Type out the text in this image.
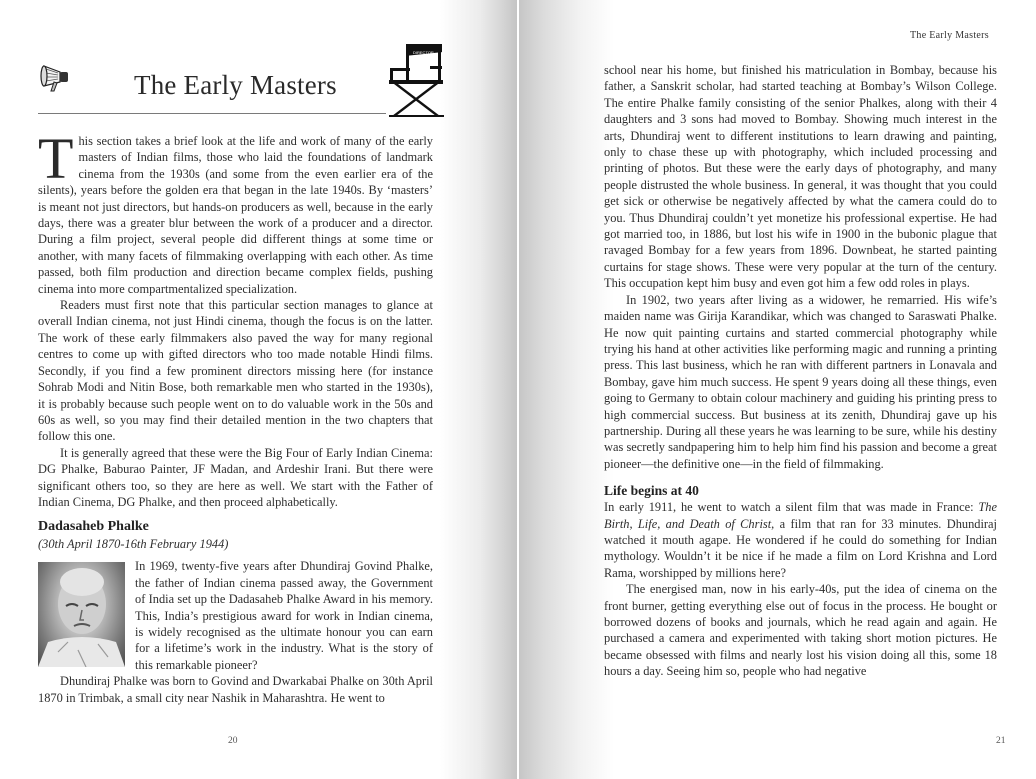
The Early Masters
DIRECTOR

This section takes a brief look at the life and work of many of the early masters of Indian films, those who laid the foundations of landmark cinema from the 1930s (and some from the even earlier era of the silents), years before the golden era that began in the late 1940s. By ‘masters’ is meant not just directors, but hands-on producers as well, because in the early days, there was a greater blur between the work of a producer and a director. During a film project, several people did different things at some time or another, with many facets of filmmaking overlapping with each other. As time passed, both film production and direction became complex fields, pushing cinema into more compartmentalized specialization.

Readers must first note that this particular section manages to glance at overall Indian cinema, not just Hindi cinema, though the focus is on the latter. The work of these early filmmakers also paved the way for many regional centres to come up with gifted directors who too made notable Hindi films. Secondly, if you find a few prominent directors missing here (for instance Sohrab Modi and Nitin Bose, both remarkable men who started in the 1930s), it is probably because such people went on to do valuable work in the 50s and 60s as well, so you may find their detailed mention in the two chapters that follow this one.

It is generally agreed that these were the Big Four of Early Indian Cinema: DG Phalke, Baburao Painter, JF Madan, and Ardeshir Irani. But there were significant others too, so they are here as well. We start with the Father of Indian Cinema, DG Phalke, and then proceed alphabetically.

Dadasaheb Phalke
(30th April 1870-16th February 1944)

In 1969, twenty-five years after Dhundiraj Govind Phalke, the father of Indian cinema passed away, the Government of India set up the Dadasaheb Phalke Award in his memory. This, India’s prestigious award for work in Indian cinema, is widely recognised as the ultimate honour you can earn for a lifetime’s work in the industry. What is the story of this remarkable pioneer?

Dhundiraj Phalke was born to Govind and Dwarkabai Phalke on 30th April 1870 in Trimbak, a small city near Nashik in Maharashtra. He went to

20
The Early Masters

school near his home, but finished his matriculation in Bombay, because his father, a Sanskrit scholar, had started teaching at Bombay’s Wilson College. The entire Phalke family consisting of the senior Phalkes, along with their 4 daughters and 3 sons had moved to Bombay. Showing much interest in the arts, Dhundiraj went to different institutions to learn drawing and painting, only to chase these up with photography, which included processing and printing of photos. But these were the early days of photography, and many people distrusted the whole business. In general, it was thought that you could get sick or otherwise be negatively affected by what the camera could do to you. Thus Dhundiraj couldn’t yet monetize his professional expertise. He had got married too, in 1886, but lost his wife in 1900 in the bubonic plague that ravaged Bombay for a few years from 1896. Downbeat, he started painting curtains for stage shows. These were very popular at the turn of the century. This occupation kept him busy and even got him a few odd roles in plays.

In 1902, two years after living as a widower, he remarried. His wife’s maiden name was Girija Karandikar, which was changed to Saraswati Phalke. He now quit painting curtains and started commercial photography while trying his hand at other activities like performing magic and running a printing press. This last business, which he ran with different partners in Lonavala and Bombay, gave him much success. He spent 9 years doing all these things, even going to Germany to obtain colour machinery and guiding his printing press to high commercial success. But business at its zenith, Dhundiraj gave up his partnership. During all these years he was learning to be sure, while his destiny was secretly sandpapering him to help him find his passion and become a great pioneer—the definitive one—in the field of filmmaking.

Life begins at 40

In early 1911, he went to watch a silent film that was made in France: The Birth, Life, and Death of Christ, a film that ran for 33 minutes. Dhundiraj watched it mouth agape. He wondered if he could do something for Indian mythology. Wouldn’t it be nice if he made a film on Lord Krishna and Lord Rama, worshipped by millions here?

The energised man, now in his early-40s, put the idea of cinema on the front burner, getting everything else out of focus in the process. He bought or borrowed dozens of books and journals, which he read again and again. He purchased a camera and experimented with taking short motion pictures. He became obsessed with films and nearly lost his vision doing all this, some 18 hours a day. Seeing him so, people who had negative

21
